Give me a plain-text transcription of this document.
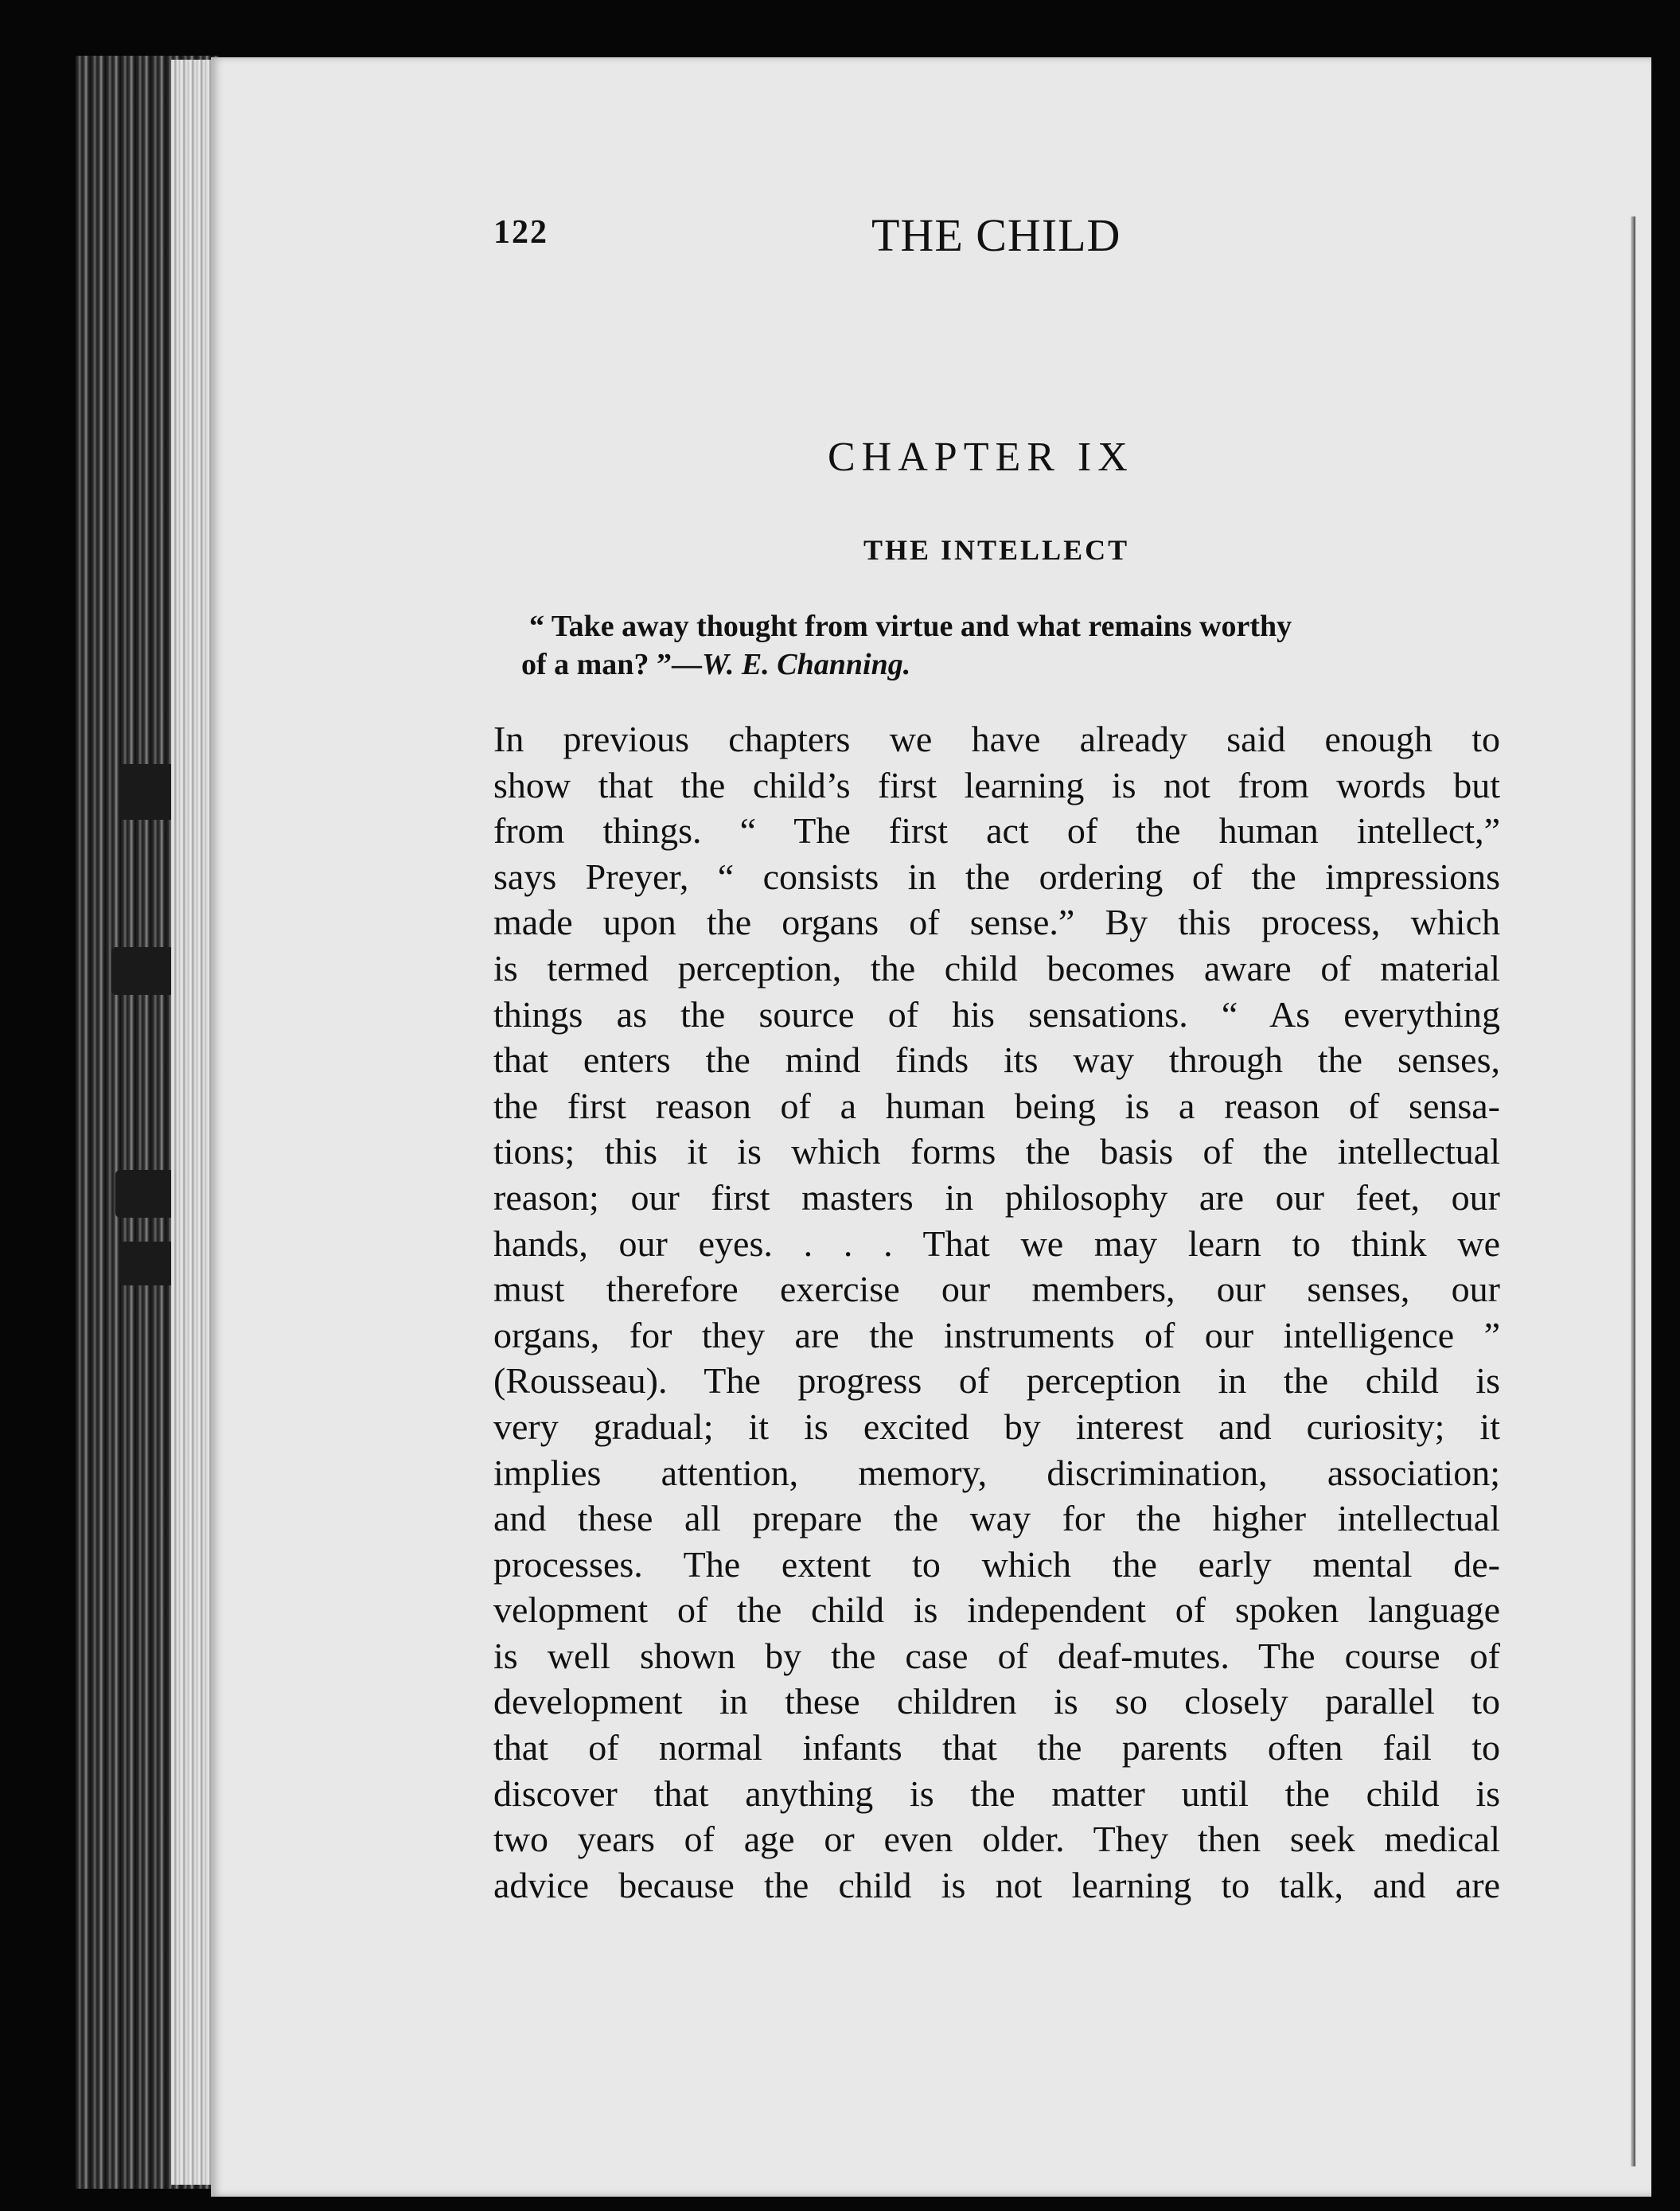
122	THE CHILD
CHAPTER IX
THE INTELLECT
“ Take away thought from virtue and what remains worthy
of a man? ”—W. E. Channing.
In previous chapters we have already said enough to
show that the child’s first learning is not from words but
from things. “ The first act of the human intellect,”
says Preyer, “ consists in the ordering of the impressions
made upon the organs of sense.” By this process, which
is termed perception, the child becomes aware of material
things as the source of his sensations. “ As everything
that enters the mind finds its way through the senses,
the first reason of a human being is a reason of sensa-
tions; this it is which forms the basis of the intellectual
reason; our first masters in philosophy are our feet, our
hands, our eyes. . . . That we may learn to think we
must therefore exercise our members, our senses, our
organs, for they are the instruments of our intelligence ”
(Rousseau). The progress of perception in the child is
very gradual; it is excited by interest and curiosity; it
implies attention, memory, discrimination, association;
and these all prepare the way for the higher intellectual
processes. The extent to which the early mental de-
velopment of the child is independent of spoken language
is well shown by the case of deaf-mutes. The course of
development in these children is so closely parallel to
that of normal infants that the parents often fail to
discover that anything is the matter until the child is
two years of age or even older. They then seek medical
advice because the child is not learning to talk, and are
